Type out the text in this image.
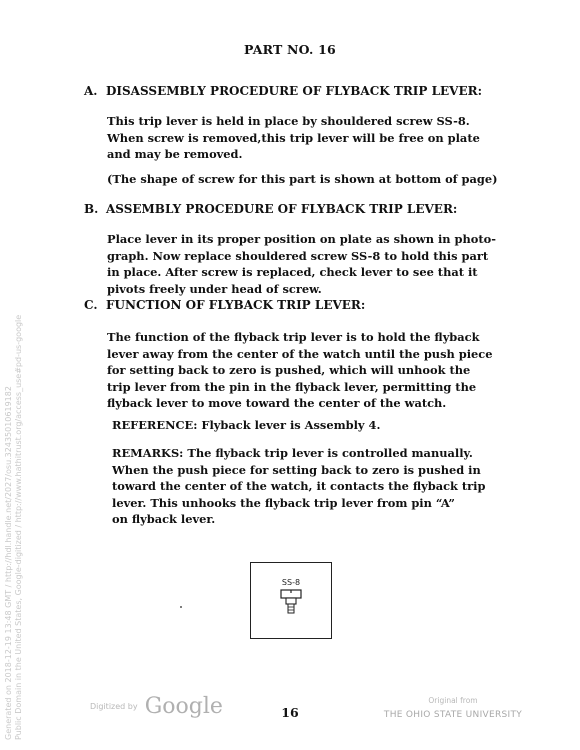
PART NO. 16
A. DISASSEMBLY PROCEDURE OF FLYBACK TRIP LEVER:
This trip lever is held in place by shouldered screw SS-8.
When screw is removed,this trip lever will be free on plate
and may be removed.
(The shape of screw for this part is shown at bottom of page)
B. ASSEMBLY PROCEDURE OF FLYBACK TRIP LEVER:
Place lever in its proper position on plate as shown in photo-
graph. Now replace shouldered screw SS-8 to hold this part
in place. After screw is replaced, check lever to see that it
pivots freely under head of screw.
C. FUNCTION OF FLYBACK TRIP LEVER:
The function of the flyback trip lever is to hold the flyback
lever away from the center of the watch until the push piece
for setting back to zero is pushed, which will unhook the
trip lever from the pin in the flyback lever, permitting the
flyback lever to move toward the center of the watch.
REFERENCE: Flyback lever is Assembly 4.
REMARKS: The flyback trip lever is controlled manually.
When the push piece for setting back to zero is pushed in
toward the center of the watch, it contacts the flyback trip
lever. This unhooks the flyback trip lever from pin “A”
on flyback lever.
SS-8
Digitized by Google	16
Original from
THE OHIO STATE UNIVERSITY
Generated on 2018-12-19 13:48 GMT / http://hdl.handle.net/2027/osu.32435010619182 Public Domain in the United States, Google-digitized / http://www.hathitrust.org/access_use#pd-us-google
